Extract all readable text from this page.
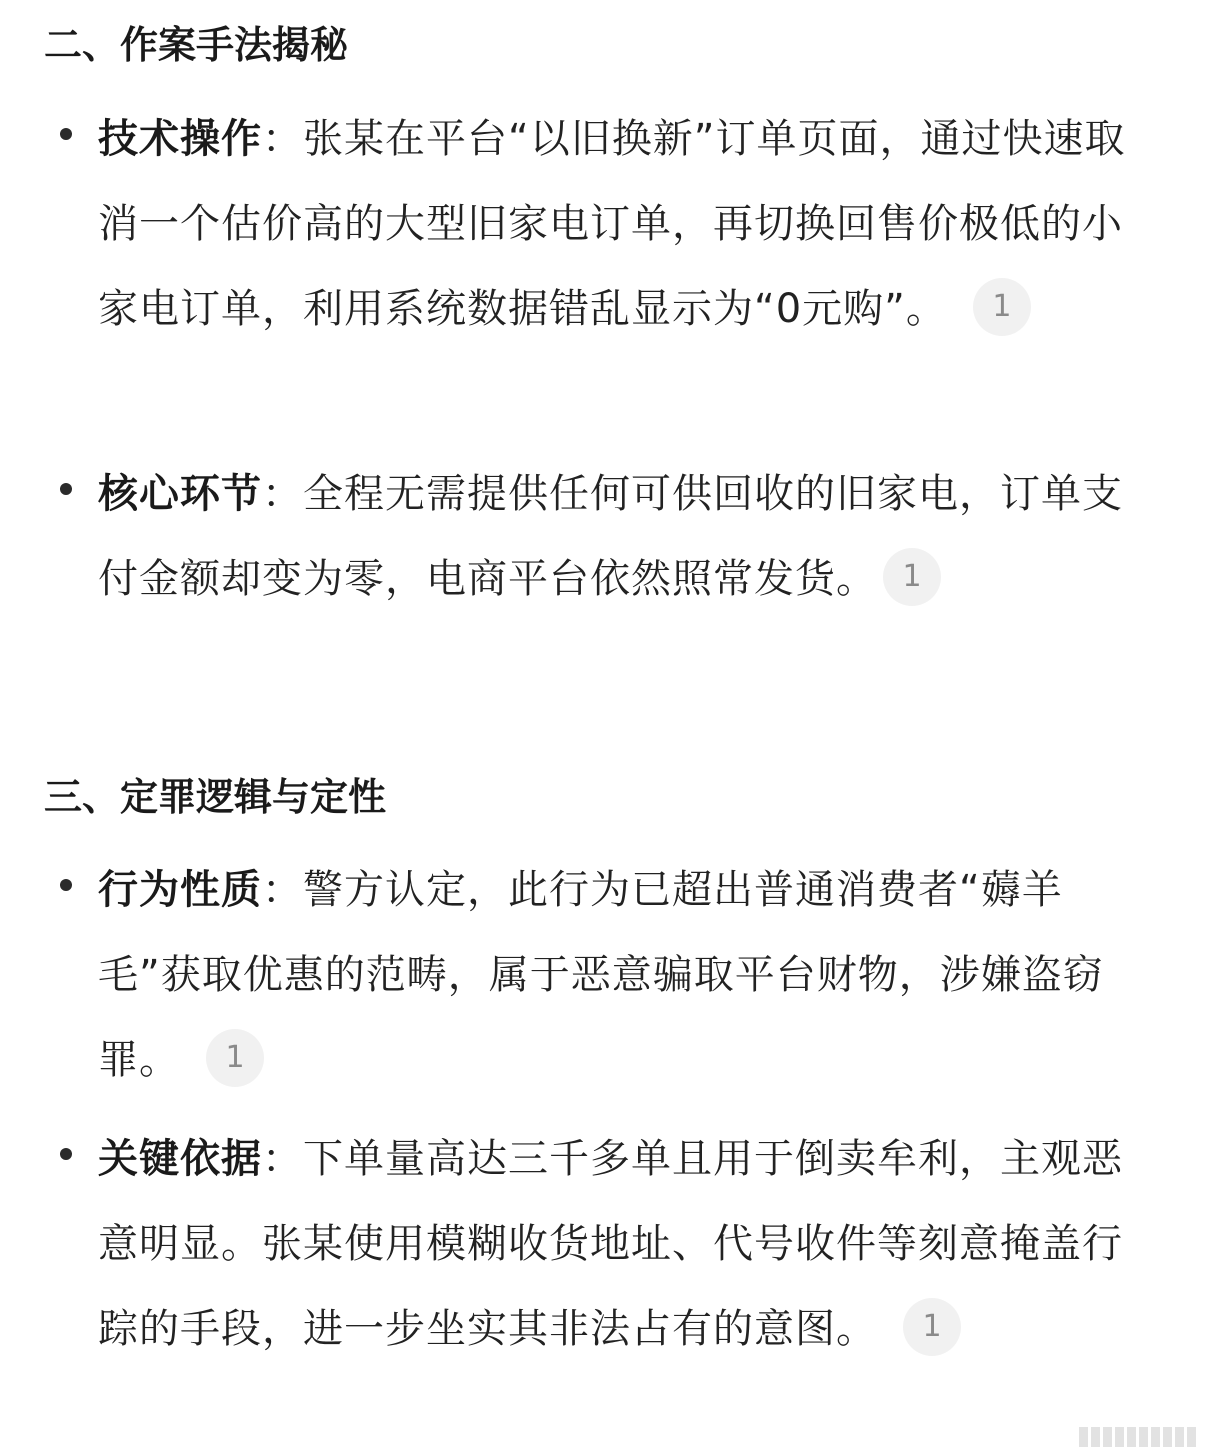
二、作案手法揭秘
技术操作：张某在平台“以旧换新”订单页面，通过快速取消一个估价高的大型旧家电订单，再切换回售价极低的小家电订单，利用系统数据错乱显示为“0元购”。 1
核心环节：全程无需提供任何可供回收的旧家电，订单支付金额却变为零，电商平台依然照常发货。 1
三、定罪逻辑与定性
行为性质：警方认定，此行为已超出普通消费者“薅羊毛”获取优惠的范畴，属于恶意骗取平台财物，涉嫌盗窃罪。 1
关键依据：下单量高达三千多单且用于倒卖牟利，主观恶意明显。张某使用模糊收货地址、代号收件等刻意掩盖行踪的手段，进一步坐实其非法占有的意图。 1
